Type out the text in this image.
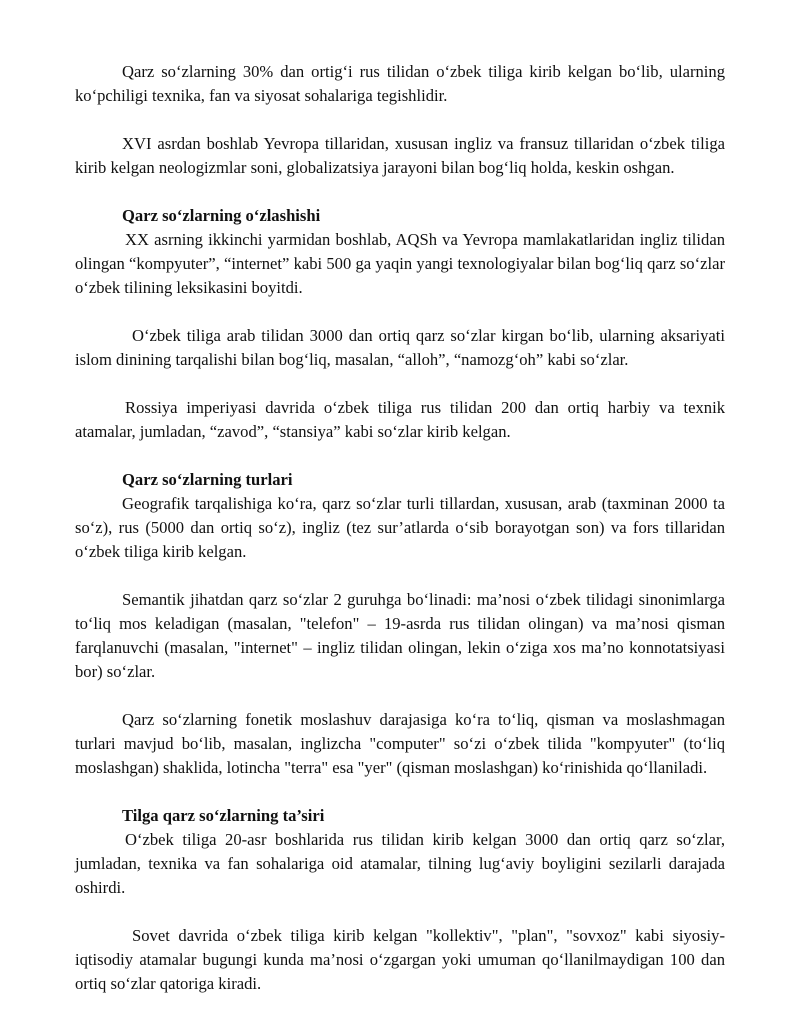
Qarz so‘zlarning 30% dan ortig‘i rus tilidan o‘zbek tiliga kirib kelgan bo‘lib, ularning ko‘pchiligi texnika, fan va siyosat sohalariga tegishlidir.

XVI asrdan boshlab Yevropa tillaridan, xususan ingliz va fransuz tillaridan o‘zbek tiliga kirib kelgan neologizmlar soni, globalizatsiya jarayoni bilan bog‘liq holda, keskin oshgan.

Qarz so‘zlarning o‘zlashishi

XX asrning ikkinchi yarmidan boshlab, AQSh va Yevropa mamlakatlaridan ingliz tilidan olingan “kompyuter”, “internet” kabi 500 ga yaqin yangi texnologiyalar bilan bog‘liq qarz so‘zlar o‘zbek tilining leksikasini boyitdi.

O‘zbek tiliga arab tilidan 3000 dan ortiq qarz so‘zlar kirgan bo‘lib, ularning aksariyati islom dinining tarqalishi bilan bog‘liq, masalan, “alloh”, “namozg‘oh” kabi so‘zlar.

Rossiya imperiyasi davrida o‘zbek tiliga rus tilidan 200 dan ortiq harbiy va texnik atamalar, jumladan, “zavod”, “stansiya” kabi so‘zlar kirib kelgan.

Qarz so‘zlarning turlari

Geografik tarqalishiga ko‘ra, qarz so‘zlar turli tillardan, xususan, arab (taxminan 2000 ta so‘z), rus (5000 dan ortiq so‘z), ingliz (tez sur’atlarda o‘sib borayotgan son) va fors tillaridan o‘zbek tiliga kirib kelgan.

Semantik jihatdan qarz so‘zlar 2 guruhga bo‘linadi: ma’nosi o‘zbek tilidagi sinonimlarga to‘liq mos keladigan (masalan, "telefon" – 19-asrda rus tilidan olingan) va ma’nosi qisman farqlanuvchi (masalan, "internet" – ingliz tilidan olingan, lekin o‘ziga xos ma’no konnotatsiyasi bor) so‘zlar.

Qarz so‘zlarning fonetik moslashuv darajasiga ko‘ra to‘liq, qisman va moslashmagan turlari mavjud bo‘lib, masalan, inglizcha "computer" so‘zi o‘zbek tilida "kompyuter" (to‘liq moslashgan) shaklida, lotincha "terra" esa "yer" (qisman moslashgan) ko‘rinishida qo‘llaniladi.

Tilga qarz so‘zlarning ta’siri

O‘zbek tiliga 20-asr boshlarida rus tilidan kirib kelgan 3000 dan ortiq qarz so‘zlar, jumladan, texnika va fan sohalariga oid atamalar, tilning lug‘aviy boyligini sezilarli darajada oshirdi.

Sovet davrida o‘zbek tiliga kirib kelgan "kollektiv", "plan", "sovxoz" kabi siyosiy-iqtisodiy atamalar bugungi kunda ma’nosi o‘zgargan yoki umuman qo‘llanilmaydigan 100 dan ortiq so‘zlar qatoriga kiradi.
